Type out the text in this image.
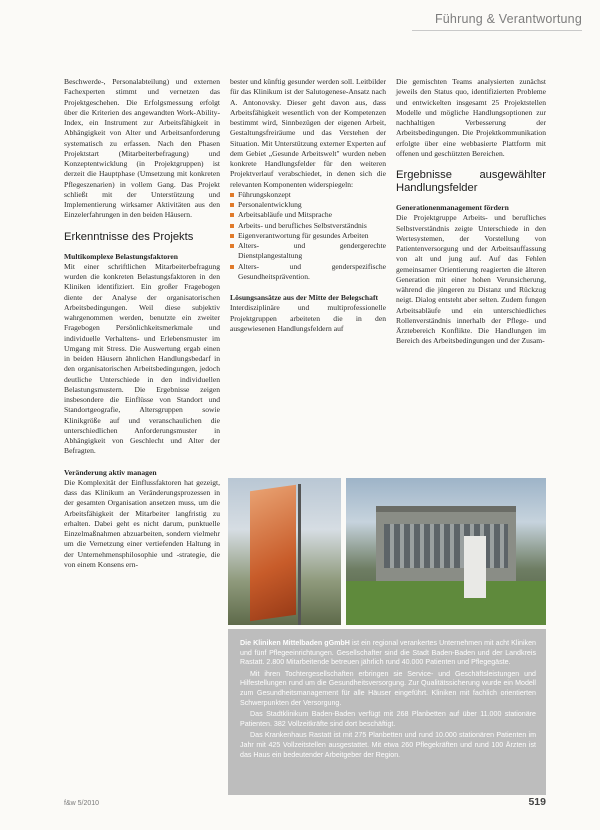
Führung & Verantwortung

Beschwerde-, Personalabteilung) und externen Fachexperten stimmt und vernetzen das Projektgeschehen. Die Erfolgsmessung erfolgt über die Kriterien des angewandten Work-Ability-Index, ein Instrument zur Arbeitsfähigkeit in Abhängigkeit von Alter und Arbeitsanforderung systematisch zu erfassen. Nach den Phasen Projektstart (Mitarbeiterbefragung) und Konzeptentwicklung (in Projektgruppen) ist derzeit die Hauptphase (Umsetzung mit konkreten Pflegeszenarien) in vollem Gang. Das Projekt schließt mit der Unterstützung und Implementierung wirksamer Aktivitäten aus den Einzelerfahrungen in den beiden Häusern.

Erkenntnisse des Projekts

Multikomplexe Belastungsfaktoren

Mit einer schriftlichen Mitarbeiterbefragung wurden die konkreten Belastungsfaktoren in den Kliniken identifiziert. Ein großer Fragebogen diente der Analyse der organisatorischen Arbeitsbedingungen. Weil diese subjektiv wahrgenommen werden, benutzte ein zweiter Fragebogen Persönlichkeitsmerkmale und individuelle Verhaltens- und Erlebensmuster im Umgang mit Stress. Die Auswertung ergab einen in beiden Häusern ähnlichen Handlungsbedarf in den organisatorischen Arbeitsbedingungen, jedoch deutliche Unterschiede in den individuellen Belastungsmustern. Die Ergebnisse zeigen insbesondere die Einflüsse von Standort und Standortgeografie, Altersgruppen sowie Klinikgröße auf und veranschaulichen die unterschiedlichen Anforderungsmuster in Abhängigkeit von Geschlecht und Alter der Befragten.

Veränderung aktiv managen

Die Komplexität der Einflussfaktoren hat gezeigt, dass das Klinikum an Veränderungsprozessen in der gesamten Organisation ansetzen muss, um die Arbeitsfähigkeit der Mitarbeiter langfristig zu erhalten. Dabei geht es nicht darum, punktuelle Einzelmaßnahmen abzuarbeiten, sondern vielmehr um die Vernetzung einer vertiefenden Haltung in der Unternehmensphilosophie und -strategie, die von einem Konsens ern-

bester und künftig gesunder werden soll. Leitbilder für das Klinikum ist der Salutogenese-Ansatz nach A. Antonovsky. Dieser geht davon aus, dass Arbeitsfähigkeit wesentlich von der Kompetenzen bestimmt wird, Sinnbezügen der eigenen Arbeit, Gestaltungsfreiräume und das Verstehen der Situation. Mit Unterstützung externer Experten auf dem Gebiet „Gesunde Arbeitswelt" wurden neben konkrete Handlungsfelder für den weiteren Projektverlauf verabschiedet, in denen sich die relevanten Komponenten widerspiegeln:

Führungskonzept
Personalentwicklung
Arbeitsabläufe und Mitsprache
Arbeits- und berufliches Selbstverständnis
Eigenverantwortung für gesundes Arbeiten
Alters- und gendergerechte Dienstplangestaltung
Alters- und genderspezifische Gesundheitsprävention.

Lösungsansätze aus der Mitte der Belegschaft

Interdisziplinäre und multiprofessionelle Projektgruppen arbeiteten die in den ausgewiesenen Handlungsfeldern auf

Die gemischten Teams analysierten zunächst jeweils den Status quo, identifizierten Probleme und entwickelten insgesamt 25 Projektstellen Modelle und mögliche Handlungsoptionen zur nachhaltigen Verbesserung der Arbeitsbedingungen. Die Projektkommunikation erfolgte über eine webbasierte Plattform mit offenen und geschützten Bereichen.

Ergebnisse ausgewählter Handlungsfelder

Generationenmanagement fördern

Die Projektgruppe Arbeits- und berufliches Selbstverständnis zeigte Unterschiede in den Wertesystemen, der Vorstellung von Patientenversorgung und der Arbeitsauffassung von alt und jung auf. Auf das Fehlen gemeinsamer Orientierung reagierten die älteren Generation mit einer hohen Verunsicherung, während die jüngeren zu Distanz und Rückzug neigt. Dialog entsteht aber selten. Zudem fungen Arbeitsabläufe und ein unterschiedliches Rollenverständnis innerhalb der Pflege- und Ärztebereich Konflikte. Die Handlungen im Bereich des Arbeitsbedingungen und der Zusam-

Die Kliniken Mittelbaden gGmbH ist ein regional verankertes Unternehmen mit acht Kliniken und fünf Pflegeeinrichtungen. Gesellschafter sind die Stadt Baden-Baden und der Landkreis Rastatt. 2.800 Mitarbeitende betreuen jährlich rund 40.000 Patienten und Pflegegäste.

Mit ihren Tochtergesellschaften erbringen sie Service- und Geschäftsleistungen und Hilfestellungen rund um die Gesundheitsversorgung. Zur Qualitätssicherung wurde ein Modell zum Gesundheitsmanagement für alle Häuser eingeführt. Kliniken mit fachlich orientierten Schwerpunkten der Versorgung.

Das Stadtklinikum Baden-Baden verfügt mit 268 Planbetten auf über 11.000 stationäre Patienten. 382 Vollzeitkräfte sind dort beschäftigt.

Das Krankenhaus Rastatt ist mit 275 Planbetten und rund 10.000 stationären Patienten im Jahr mit 425 Vollzeitstellen ausgestattet. Mit etwa 260 Pflegekräften und rund 100 Ärzten ist das Haus ein bedeutender Arbeitgeber der Region.

f&w 5/2010	519
